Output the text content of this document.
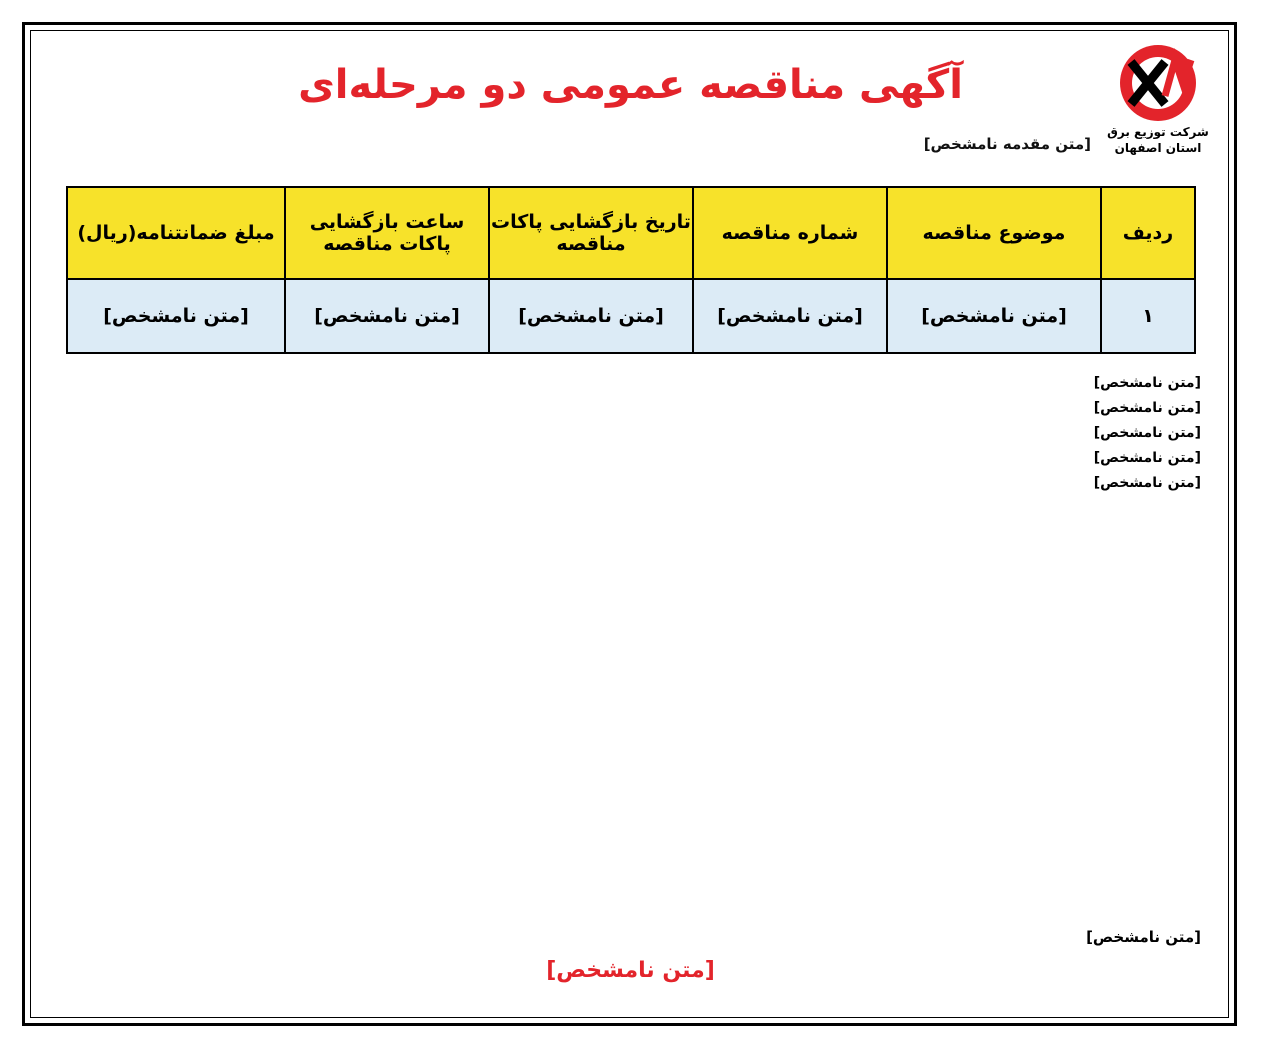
شرکت توزیع برق
استان اصفهان
آگهی مناقصه عمومی دو مرحله‌ای
[متن مقدمه نامشخص]
ردیف	موضوع مناقصه	شماره مناقصه	تاریخ بازگشایی پاکات مناقصه	ساعت بازگشایی پاکات مناقصه	مبلغ ضمانتنامه(ریال)
۱	[متن نامشخص]	[متن نامشخص]	[متن نامشخص]	[متن نامشخص]	[متن نامشخص]

[متن نامشخص]

[متن نامشخص]

[متن نامشخص]

[متن نامشخص]

[متن نامشخص]

[متن نامشخص]
[متن نامشخص]
